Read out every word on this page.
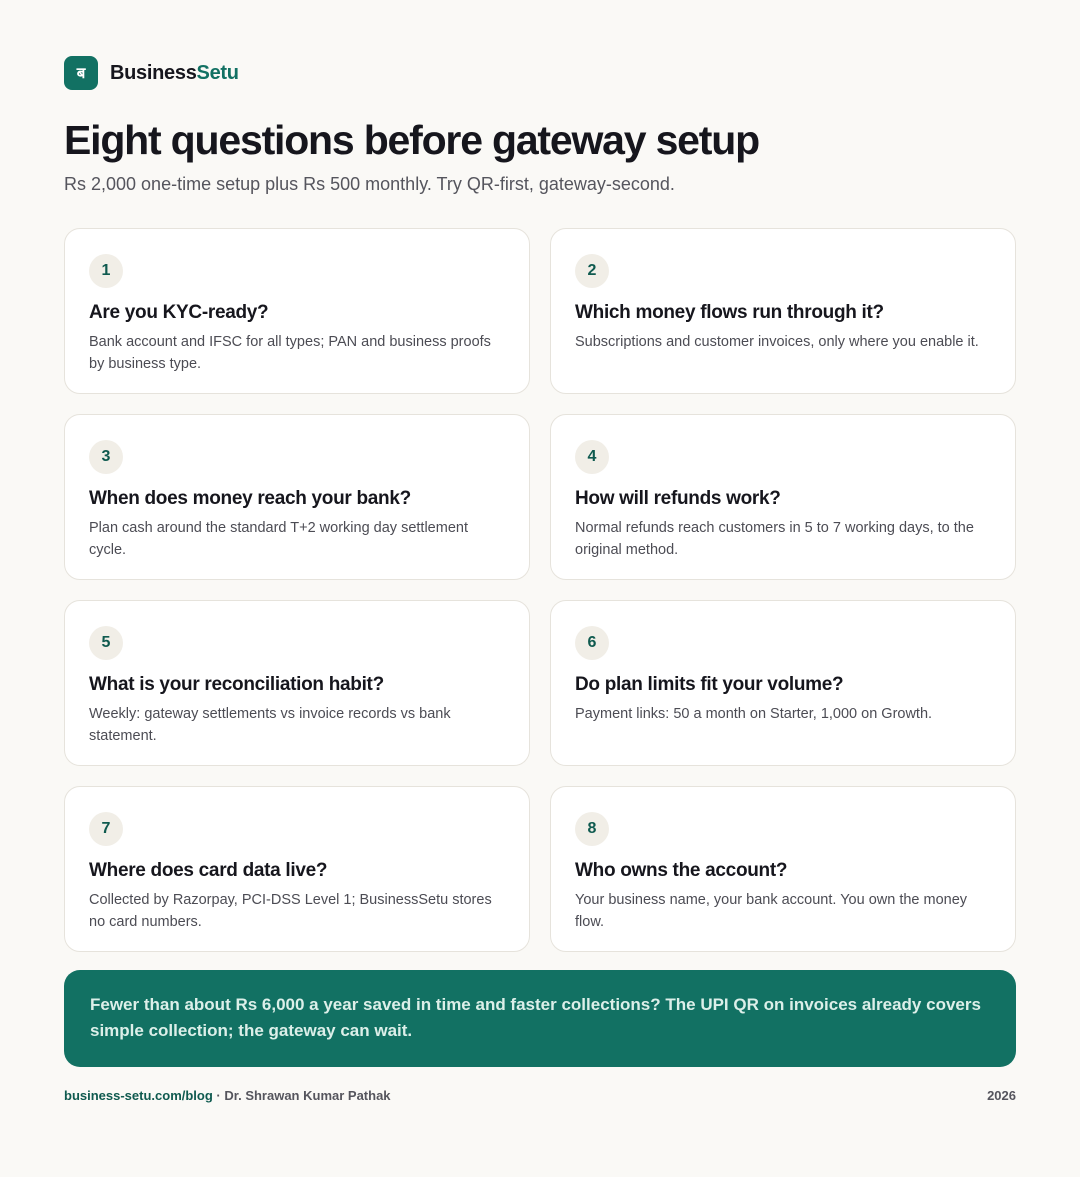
ब	BusinessSetu
Eight questions before gateway setup

Rs 2,000 one-time setup plus Rs 500 monthly. Try QR-first, gateway-second.

1
Are you KYC-ready?
Bank account and IFSC for all types; PAN and business proofs by business type.
2
Which money flows run through it?
Subscriptions and customer invoices, only where you enable it.
3
When does money reach your bank?
Plan cash around the standard T+2 working day settlement cycle.
4
How will refunds work?
Normal refunds reach customers in 5 to 7 working days, to the original method.
5
What is your reconciliation habit?
Weekly: gateway settlements vs invoice records vs bank statement.
6
Do plan limits fit your volume?
Payment links: 50 a month on Starter, 1,000 on Growth.
7
Where does card data live?
Collected by Razorpay, PCI-DSS Level 1; BusinessSetu stores no card numbers.
8
Who owns the account?
Your business name, your bank account. You own the money flow.

Fewer than about Rs 6,000 a year saved in time and faster collections? The UPI QR on invoices already covers simple collection; the gateway can wait.

business-setu.com/blog · Dr. Shrawan Kumar Pathak	2026
